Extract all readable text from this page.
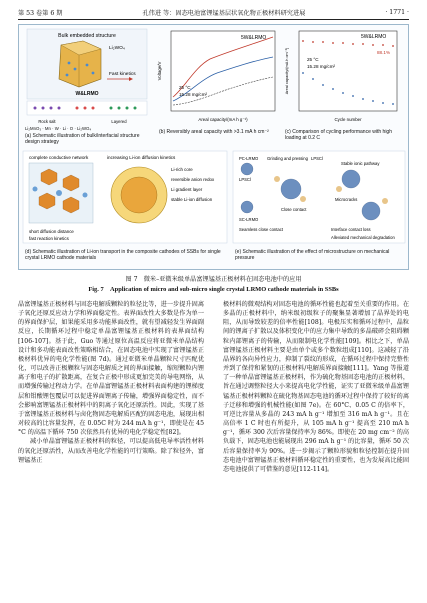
第 53 卷第 6 期	孔伟进 等：固态电池富锂锰基层状氧化物正极材料研究进展	· 1771 ·
Bulk embedded structure
Li₂WO₄
Fast kinetics
W&LRMO
Rock salt	Layered
Li₂MnO₃ · Mn · W · Li · O · Li₂WO₄
(a) Schematic illustration of bulk/interfacial structure design strategy
5W&LRMO
25 °C
15.28 mg/cm²
Voltage/V
Areal capacity/(mA h g⁻¹)
(b) Reversibly areal capacity with >3.1 mA h cm⁻²
5W&LRMO
88.1%
25 °C
15.28 mg/cm²
Areal capacity/(mA h cm⁻²)
Cycle number
(c) Comparison of cycling performance with high loading at 0.2 C
complete conductive network	increasing Li-ion diffusion kinetics
Li-rich core
reversible anion redox
Li gradient layer
stable Li-ion diffusion
short diffusion distance
fast reaction kinetics
(d) Schematic illustration of Li-ion transport in the composite cathodes of SSBs for single crystal LRMO cathode materials
PC-LRMO
LPSCl
SC-LRMO
Grinding and pressing LPSCl
Close contact
Microcracks
Seamless close contact
Stable ionic pathway
Interface contact loss
Alleviated mechanical degradation
(e) Schematic illustration of the effect of microstructure on mechanical pressure
图 7　微米–亚微米级单晶富锂锰基正极材料在固态电池中的应用
Fig. 7　Application of micro and sub-micro single crystal LRMO cathode materials in SSBs

晶富锂锰基正极材料与固态电解质颗粒的粒径比等，进一步提升固离子氧化还原反应动力学和界面稳定性。表界面改性大多数是作为单一的界面保护层，如果能采用多功能界面改性，就有望减轻发生界面副反应，长期循环过程中稳定单晶富锂锰基正极材料的表界面结构[106-107]。基于此，Guo 等通过原位高温反应将亚微米单晶结构设计和多功能表面改性策略相结合，在固态电池中实现了富锂锰基正极材料优异的电化学性能(图 7d)。通过亚微米单晶颗粒尺寸匹配优化，可以改善正极颗粒与固态电解质之间的界面接触，缩短颗粒内锂离子和电子的扩散距离，在复合正极中形成更加完美的导电网络，从而增强传输过程动力学。在单晶富锂锰基正极材料表面构建的锂梯度层和钼酸锂包覆层可以促进界面锂离子传输，增强界面稳定性，而不会影响富锂锰基正极材料中的阴离子氧化还原活性。因此，实现了基于富锂锰基正极材料与卤化物固态电解质匹配的固态电池，展现出相对较高的比容量发挥，在 0.05C 时为 244 mA h g⁻¹，即使是在 45 °C 的高温下循环 750 次依然具有优异的电化学稳定性[82]。

减小单晶富锂锰基正极材料的粒径，可以提高低电导率活性材料的氧化还原活性，从而改善电化学性能的可行策略。除了粒径外，富锂锰基正

极材料的微观结构对固态电池的循环性能也起着至关重要的作用。在多晶的正极材料中，纳米级初级粒子的聚集显著增加了晶界处的电阻，从而导致较差的倍率性能[108]。电极压实和循环过程中，晶粒间的锂离子扩散以及体积变化中的应力集中导致的多晶破碎会阻碍颗粒内部锂离子的传输，从而限制电化学性能[109]。相比之下，单晶富锂锰基正极材料主要是由单个或多个数粒组成[110]。这减轻了沿晶界的各向异性应力，抑制了裂纹的形成，在循环过程中保持完整性并到了保持和紧韧的正极材料/电解质界面接触[111]。Yang 等报道了一种单晶富锂锰基正极材料，作为硫化物基固态电池的正极材料，旨在通过调整粒径大小来提高电化学性能，证实了亚微米级单晶富锂锰基正极材料颗粒在硫化物基固态电池的循环过程中保持了较好的离子迁移和增强的机械性能(如图 7e)。在 60°C、0.05 C 的倍率下，可逆比容量从多晶的 243 mA h g⁻¹ 增加至 316 mA h g⁻¹。且在高倍率 1 C 时也有所提升，从 105 mA h g⁻¹ 提高至 210 mA h g⁻¹，循环 300 次后容量保持率为 86%。即使在 20 mg cm⁻² 的高负载下，固态电池也能展现出 296 mA h g⁻¹ 的比容量，循环 50 次后容量保持率为 90%。进一步揭示了颗粒形貌和粒径控制在提升固态电池中富锂锰基正极材料循环稳定性的重要性，也为发展高比能固态电池提供了可借鉴的意见[112-114]。
